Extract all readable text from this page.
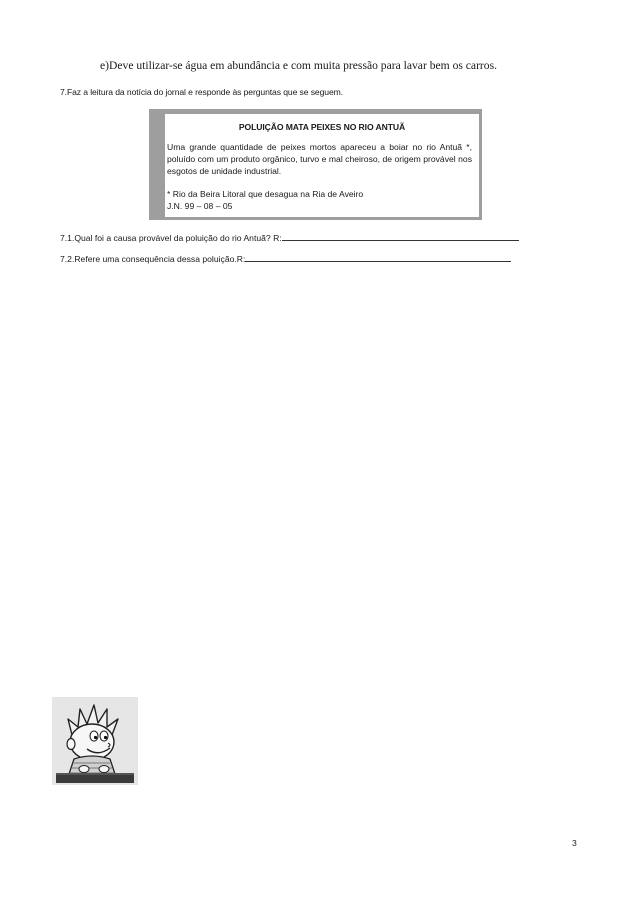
e)Deve utilizar-se água em abundância e com muita pressão para lavar bem os carros.
7.Faz a leitura da notícia do jornal e responde às perguntas que se seguem.
POLUIÇÃO MATA PEIXES NO RIO ANTUÃ
Uma grande quantidade de peixes mortos apareceu a boiar no rio Antuã *, poluído com um produto orgânico, turvo e mal cheiroso, de origem provável nos esgotos de unidade industrial.
* Rio da Beira Litoral que desagua na Ria de Aveiro
J.N. 99 – 08 – 05
7.1.Qual foi a causa provável da poluição do rio Antuã? R:
7.2.Refere uma consequência dessa poluição.R:
3
